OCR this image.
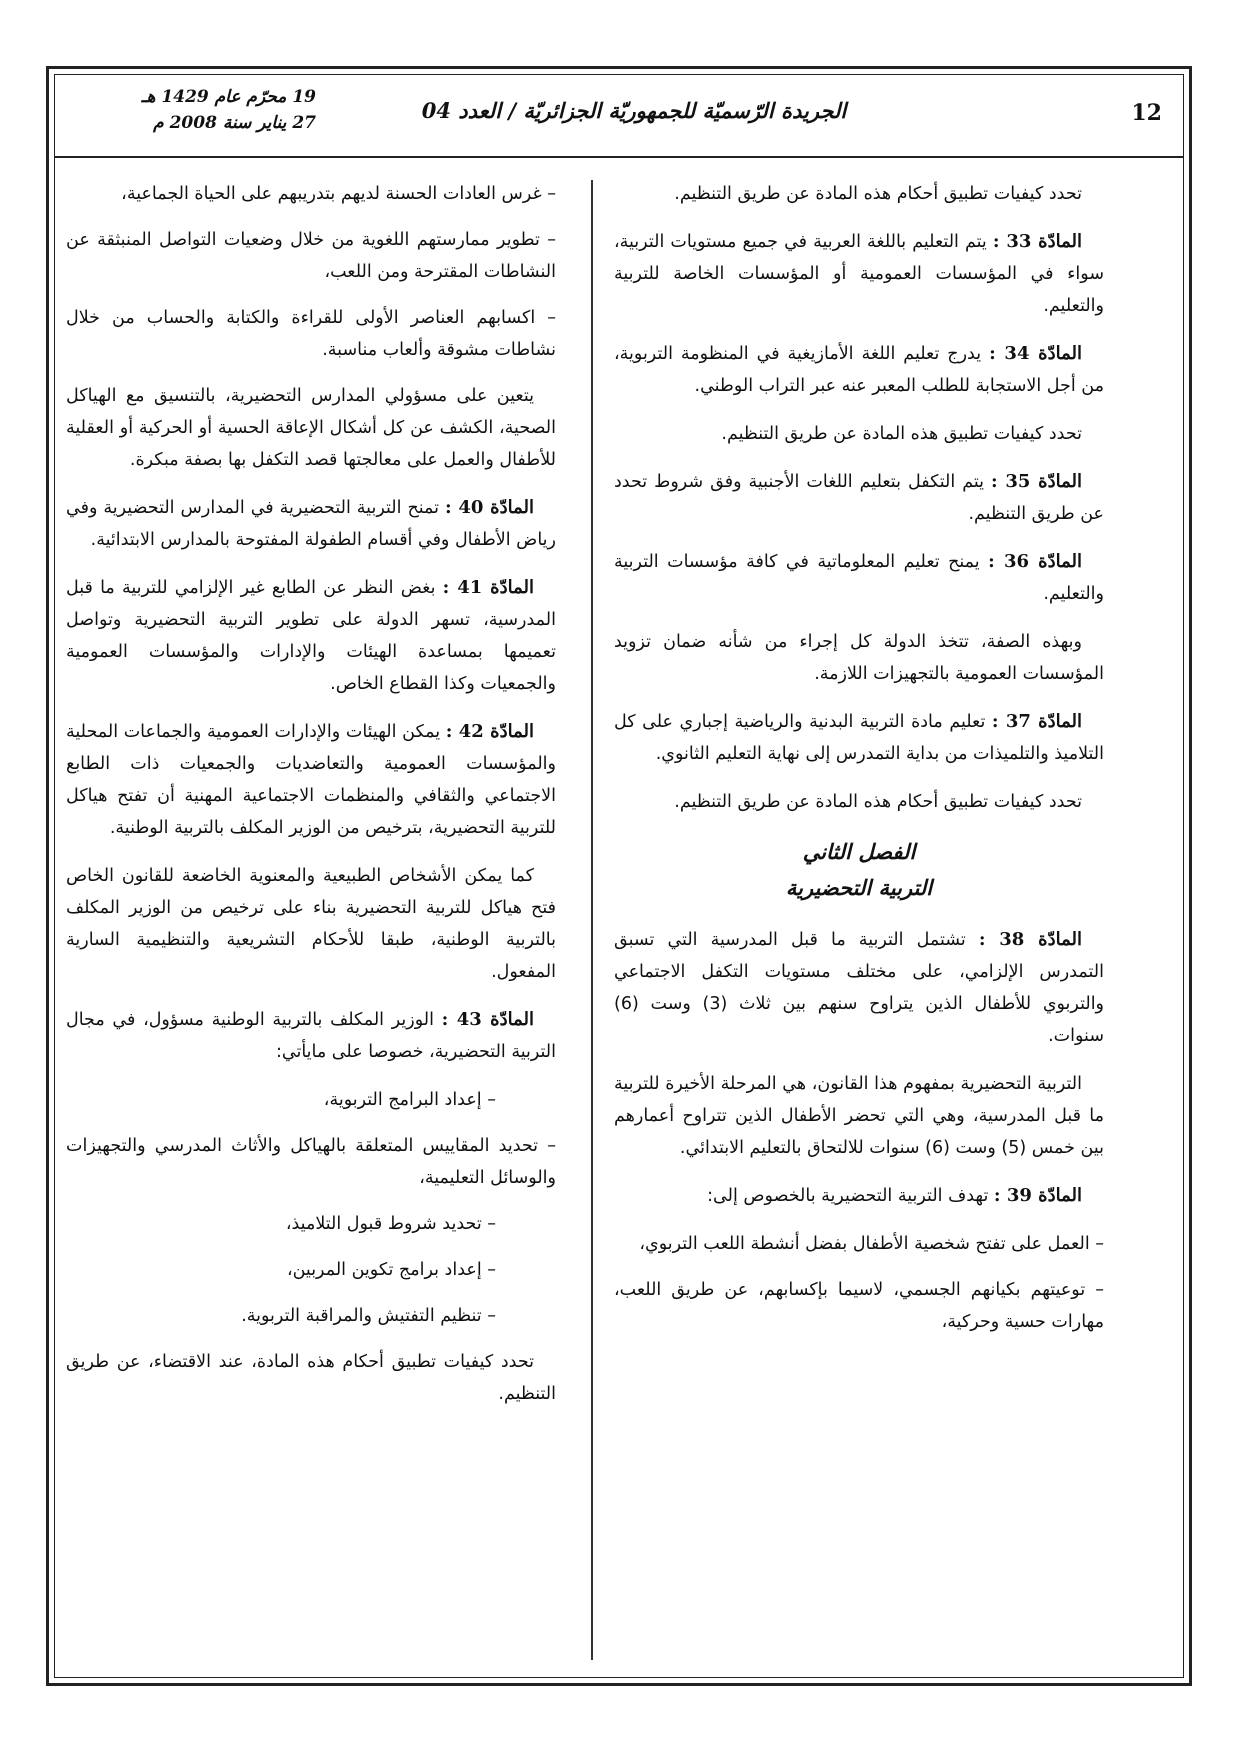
12
الجريدة الرّسميّة للجمهوريّة الجزائريّة / العدد 04
19 محرّم عام 1429 هـ
27 يناير سنة 2008 م

تحدد كيفيات تطبيق أحكام هذه المادة عن طريق التنظيم.

المادّة 33 : يتم التعليم باللغة العربية في جميع مستويات التربية، سواء في المؤسسات العمومية أو المؤسسات الخاصة للتربية والتعليم.

المادّة 34 : يدرج تعليم اللغة الأمازيغية في المنظومة التربوية، من أجل الاستجابة للطلب المعبر عنه عبر التراب الوطني.

تحدد كيفيات تطبيق هذه المادة عن طريق التنظيم.

المادّة 35 : يتم التكفل بتعليم اللغات الأجنبية وفق شروط تحدد عن طريق التنظيم.

المادّة 36 : يمنح تعليم المعلوماتية في كافة مؤسسات التربية والتعليم.

وبهذه الصفة، تتخذ الدولة كل إجراء من شأنه ضمان تزويد المؤسسات العمومية بالتجهيزات اللازمة.

المادّة 37 : تعليم مادة التربية البدنية والرياضية إجباري على كل التلاميذ والتلميذات من بداية التمدرس إلى نهاية التعليم الثانوي.

تحدد كيفيات تطبيق أحكام هذه المادة عن طريق التنظيم.

الفصل الثاني
التربية التحضيرية

المادّة 38 : تشتمل التربية ما قبل المدرسية التي تسبق التمدرس الإلزامي، على مختلف مستويات التكفل الاجتماعي والتربوي للأطفال الذين يتراوح سنهم بين ثلاث (3) وست (6) سنوات.

التربية التحضيرية بمفهوم هذا القانون، هي المرحلة الأخيرة للتربية ما قبل المدرسية، وهي التي تحضر الأطفال الذين تتراوح أعمارهم بين خمس (5) وست (6) سنوات للالتحاق بالتعليم الابتدائي.

المادّة 39 : تهدف التربية التحضيرية بالخصوص إلى:

– العمل على تفتح شخصية الأطفال بفضل أنشطة اللعب التربوي،

– توعيتهم بكيانهم الجسمي، لاسيما بإكسابهم، عن طريق اللعب، مهارات حسية وحركية،

– غرس العادات الحسنة لديهم بتدريبهم على الحياة الجماعية،

– تطوير ممارستهم اللغوية من خلال وضعيات التواصل المنبثقة عن النشاطات المقترحة ومن اللعب،

– اكسابهم العناصر الأولى للقراءة والكتابة والحساب من خلال نشاطات مشوقة وألعاب مناسبة.

يتعين على مسؤولي المدارس التحضيرية، بالتنسيق مع الهياكل الصحية، الكشف عن كل أشكال الإعاقة الحسية أو الحركية أو العقلية للأطفال والعمل على معالجتها قصد التكفل بها بصفة مبكرة.

المادّة 40 : تمنح التربية التحضيرية في المدارس التحضيرية وفي رياض الأطفال وفي أقسام الطفولة المفتوحة بالمدارس الابتدائية.

المادّة 41 : بغض النظر عن الطابع غير الإلزامي للتربية ما قبل المدرسية، تسهر الدولة على تطوير التربية التحضيرية وتواصل تعميمها بمساعدة الهيئات والإدارات والمؤسسات العمومية والجمعيات وكذا القطاع الخاص.

المادّة 42 : يمكن الهيئات والإدارات العمومية والجماعات المحلية والمؤسسات العمومية والتعاضديات والجمعيات ذات الطابع الاجتماعي والثقافي والمنظمات الاجتماعية المهنية أن تفتح هياكل للتربية التحضيرية، بترخيص من الوزير المكلف بالتربية الوطنية.

كما يمكن الأشخاص الطبيعية والمعنوية الخاضعة للقانون الخاص فتح هياكل للتربية التحضيرية بناء على ترخيص من الوزير المكلف بالتربية الوطنية، طبقا للأحكام التشريعية والتنظيمية السارية المفعول.

المادّة 43 : الوزير المكلف بالتربية الوطنية مسؤول، في مجال التربية التحضيرية، خصوصا على مايأتي:

– إعداد البرامج التربوية،

– تحديد المقاييس المتعلقة بالهياكل والأثاث المدرسي والتجهيزات والوسائل التعليمية،

– تحديد شروط قبول التلاميذ،

– إعداد برامج تكوين المربين،

– تنظيم التفتيش والمراقبة التربوية.

تحدد كيفيات تطبيق أحكام هذه المادة، عند الاقتضاء، عن طريق التنظيم.
